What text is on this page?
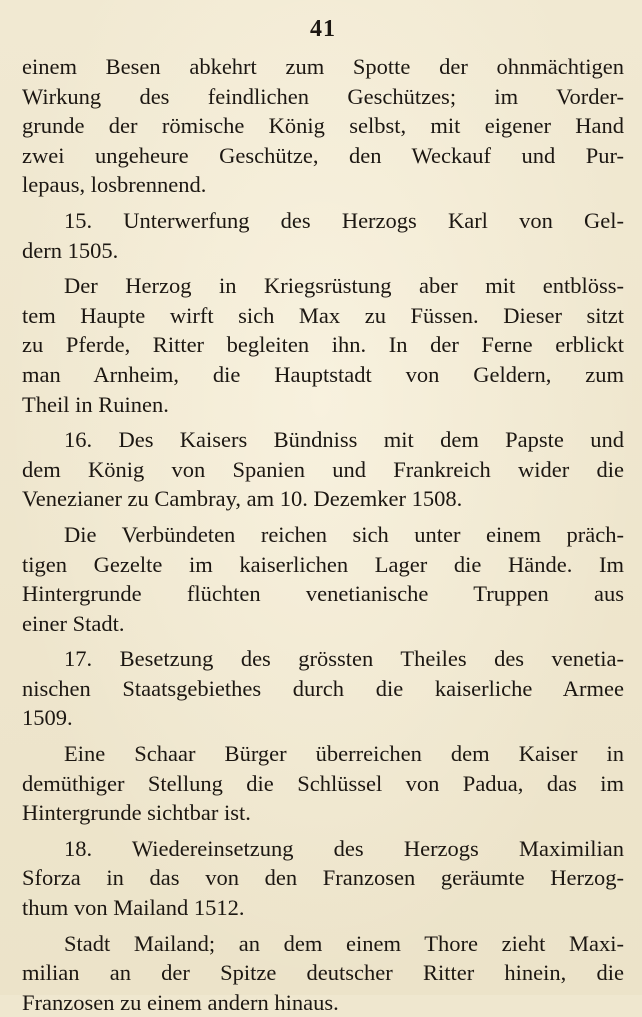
41
einem Besen abkehrt zum Spotte der ohnmächtigen
Wirkung des feindlichen Geschützes; im Vorder-
grunde der römische König selbst, mit eigener Hand
zwei ungeheure Geschütze, den Weckauf und Pur-
lepaus, losbrennend.
15. Unterwerfung des Herzogs Karl von Gel-
dern 1505.
Der Herzog in Kriegsrüstung aber mit entblöss-
tem Haupte wirft sich Max zu Füssen. Dieser sitzt
zu Pferde, Ritter begleiten ihn. In der Ferne erblickt
man Arnheim, die Hauptstadt von Geldern, zum
Theil in Ruinen.
16. Des Kaisers Bündniss mit dem Papste und
dem König von Spanien und Frankreich wider die
Venezianer zu Cambray, am 10. Dezemker 1508.
Die Verbündeten reichen sich unter einem präch-
tigen Gezelte im kaiserlichen Lager die Hände. Im
Hintergrunde flüchten venetianische Truppen aus
einer Stadt.
17. Besetzung des grössten Theiles des venetia-
nischen Staatsgebiethes durch die kaiserliche Armee
1509.
Eine Schaar Bürger überreichen dem Kaiser in
demüthiger Stellung die Schlüssel von Padua, das im
Hintergrunde sichtbar ist.
18. Wiedereinsetzung des Herzogs Maximilian
Sforza in das von den Franzosen geräumte Herzog-
thum von Mailand 1512.
Stadt Mailand; an dem einem Thore zieht Maxi-
milian an der Spitze deutscher Ritter hinein, die
Franzosen zu einem andern hinaus.
